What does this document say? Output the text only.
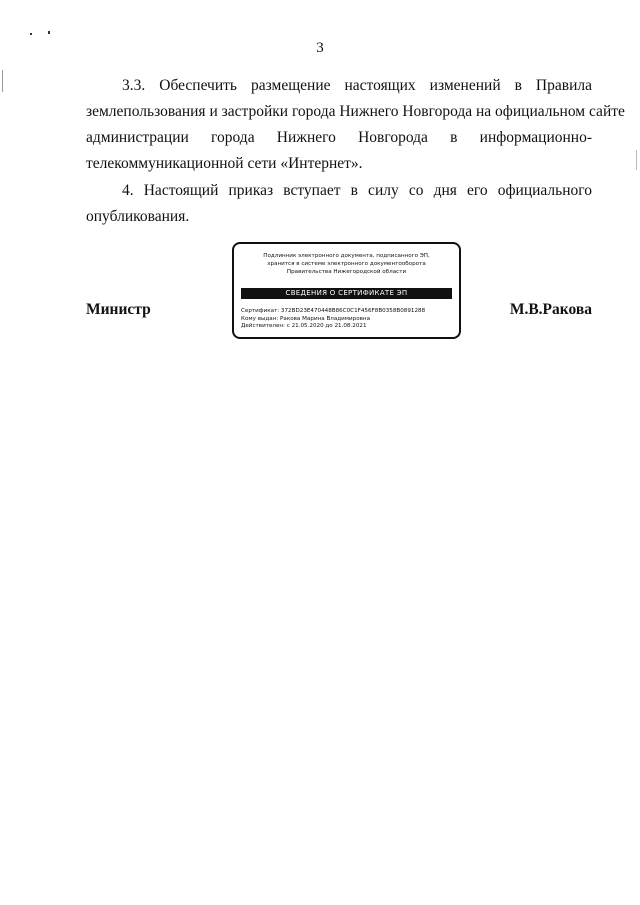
3
3.3. Обеспечить размещение настоящих изменений в Правила
землепользования и застройки города Нижнего Новгорода на официальном сайте
администрации города Нижнего Новгорода в информационно-
телекоммуникационной сети «Интернет».
4. Настоящий приказ вступает в силу со дня его официального
опубликования.
Министр	М.В.Ракова
Подлинник электронного документа, подписанного ЭП,
хранится в системе электронного документооборота
Правительства Нижегородской области
СВЕДЕНИЯ О СЕРТИФИКАТЕ ЭП
Сертификат: 372BD23E470448B86C0C1F456F8B0358B0891288
Кому выдан: Ракова Марина Владимировна
Действителен: с 21.05.2020 до 21.08.2021
